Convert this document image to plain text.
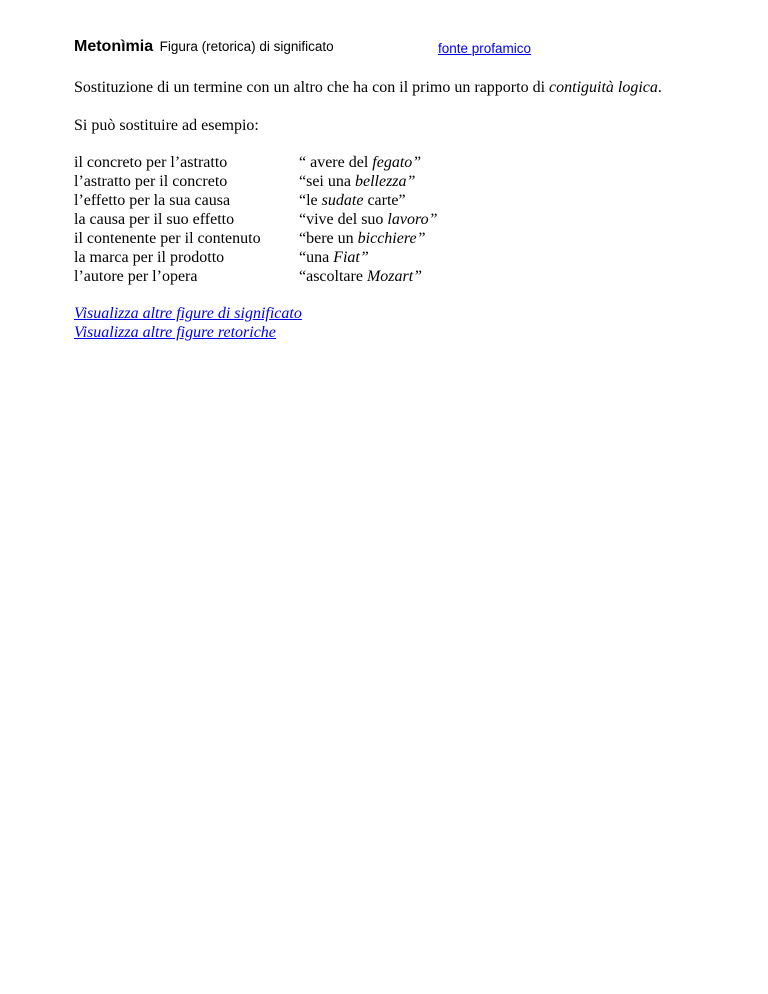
Metonìmia Figura (retorica) di significato	fonte profamico

Sostituzione di un termine con un altro che ha con il primo un rapporto di contiguità logica.

Si può sostituire ad esempio:

il concreto per l’astratto	“ avere del fegato”
l’astratto per il concreto	“sei una bellezza”
l’effetto per la sua causa	“le sudate carte”
la causa per il suo effetto	“vive del suo lavoro”
il contenente per il contenuto “bere un bicchiere”
la marca per il prodotto	“una Fiat”
l’autore per l’opera	“ascoltare Mozart”
Visualizza altre figure di significato
Visualizza altre figure retoriche
